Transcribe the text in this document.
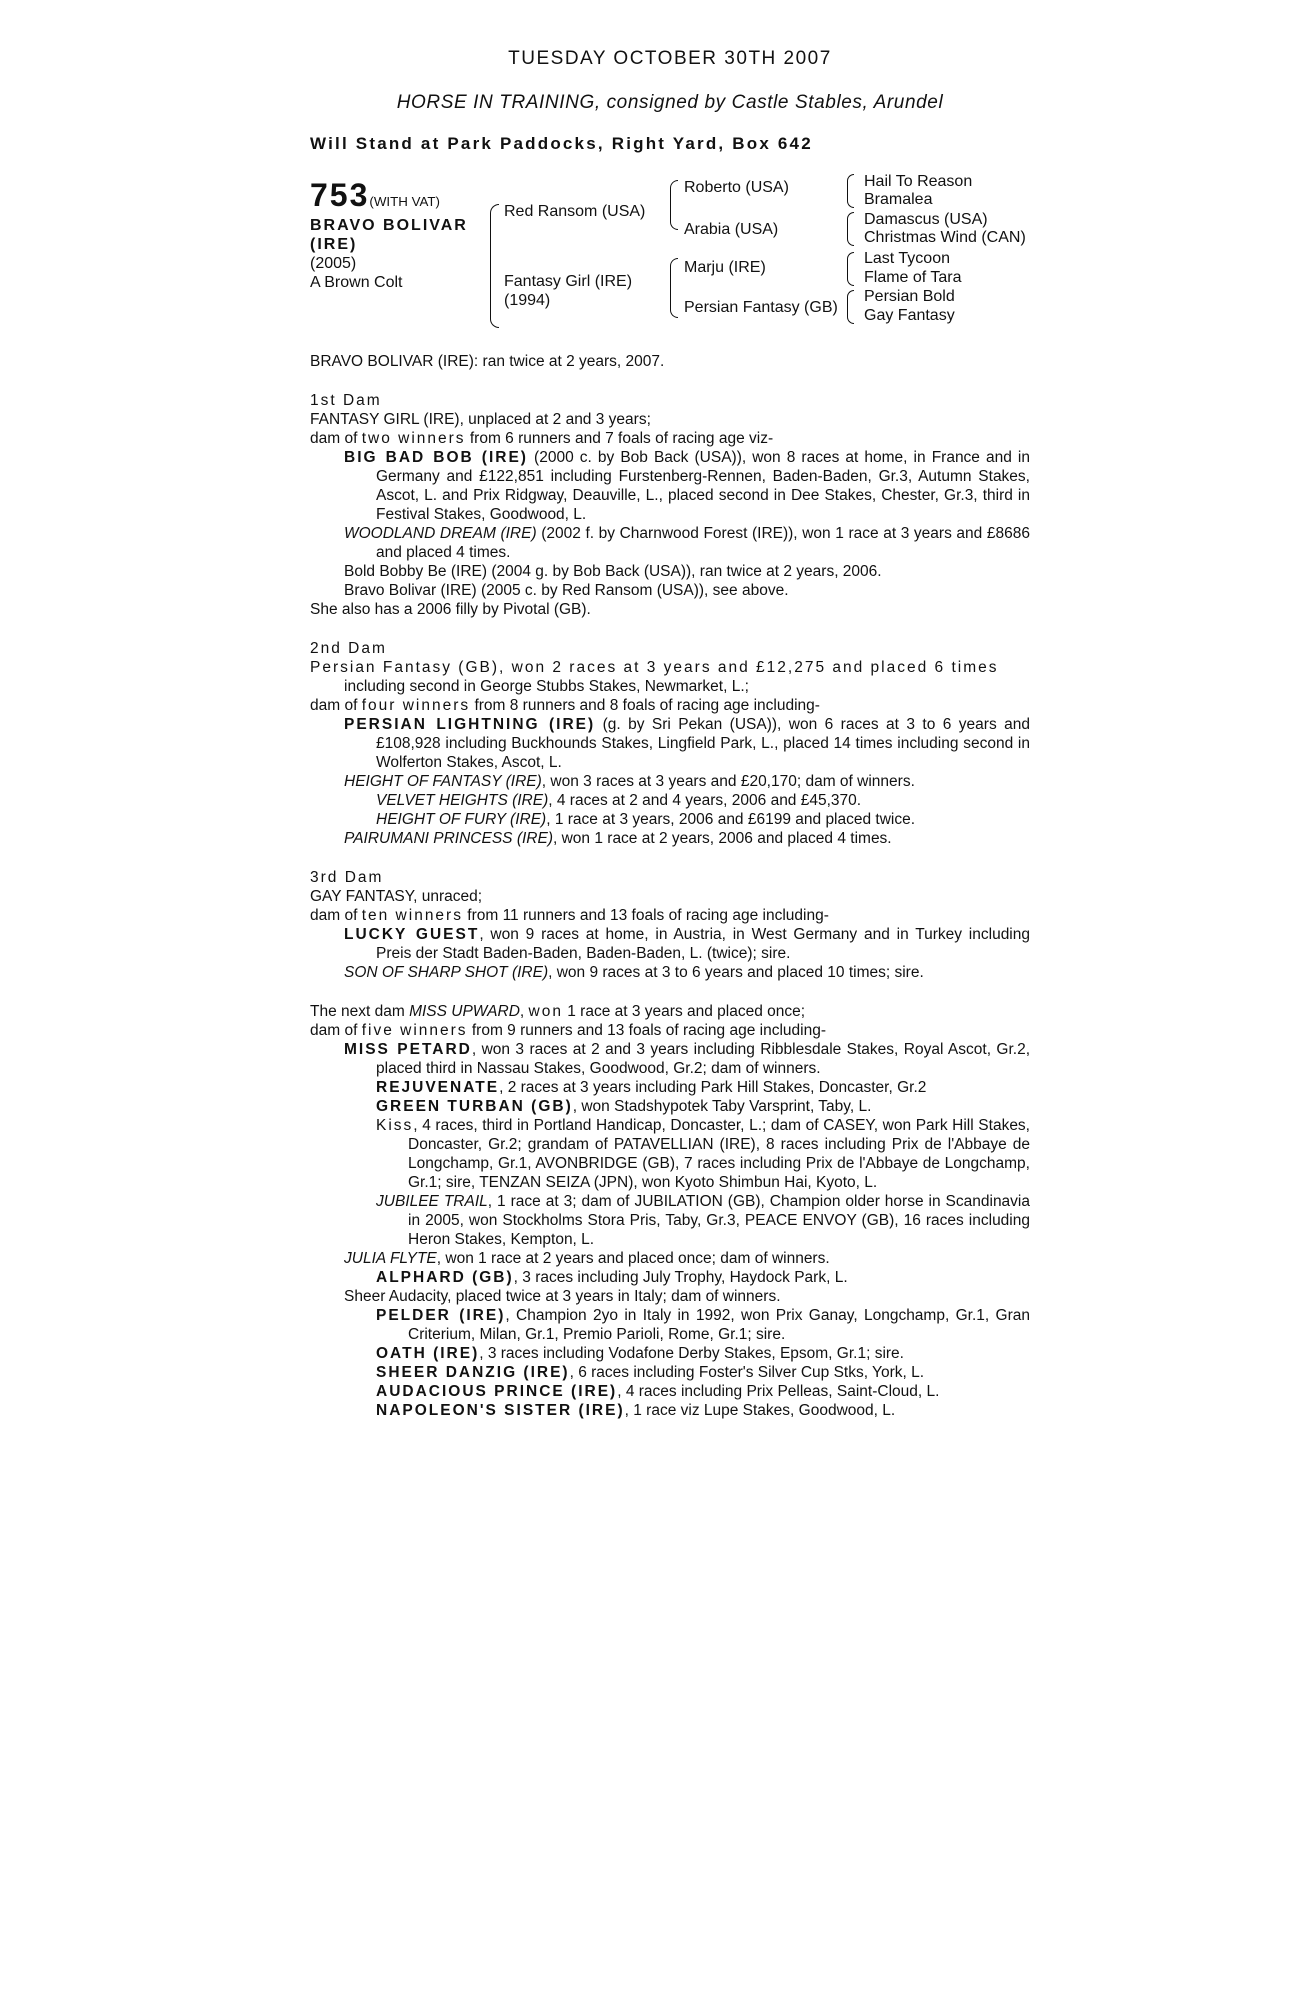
TUESDAY OCTOBER 30TH 2007
HORSE IN TRAINING, consigned by Castle Stables, Arundel
Will Stand at Park Paddocks, Right Yard, Box 642
753(WITH VAT)
BRAVO BOLIVAR
(IRE)
(2005)
A Brown Colt
Red Ransom (USA)
Fantasy Girl (IRE)
(1994)
Roberto (USA)
Arabia (USA)
Marju (IRE)
Persian Fantasy (GB)
Hail To Reason
Bramalea
Damascus (USA)
Christmas Wind (CAN)
Last Tycoon
Flame of Tara
Persian Bold
Gay Fantasy

BRAVO BOLIVAR (IRE): ran twice at 2 years, 2007.

1st Dam

FANTASY GIRL (IRE), unplaced at 2 and 3 years;

dam of two winners from 6 runners and 7 foals of racing age viz-

BIG BAD BOB (IRE) (2000 c. by Bob Back (USA)), won 8 races at home, in France and in Germany and £122,851 including Furstenberg-Rennen, Baden-Baden, Gr.3, Autumn Stakes, Ascot, L. and Prix Ridgway, Deauville, L., placed second in Dee Stakes, Chester, Gr.3, third in Festival Stakes, Goodwood, L.

WOODLAND DREAM (IRE) (2002 f. by Charnwood Forest (IRE)), won 1 race at 3 years and £8686 and placed 4 times.

Bold Bobby Be (IRE) (2004 g. by Bob Back (USA)), ran twice at 2 years, 2006.

Bravo Bolivar (IRE) (2005 c. by Red Ransom (USA)), see above.

She also has a 2006 filly by Pivotal (GB).

2nd Dam

Persian Fantasy (GB), won 2 races at 3 years and £12,275 and placed 6 times

including second in George Stubbs Stakes, Newmarket, L.;

dam of four winners from 8 runners and 8 foals of racing age including-

PERSIAN LIGHTNING (IRE) (g. by Sri Pekan (USA)), won 6 races at 3 to 6 years and £108,928 including Buckhounds Stakes, Lingfield Park, L., placed 14 times including second in Wolferton Stakes, Ascot, L.

HEIGHT OF FANTASY (IRE), won 3 races at 3 years and £20,170; dam of winners.

VELVET HEIGHTS (IRE), 4 races at 2 and 4 years, 2006 and £45,370.

HEIGHT OF FURY (IRE), 1 race at 3 years, 2006 and £6199 and placed twice.

PAIRUMANI PRINCESS (IRE), won 1 race at 2 years, 2006 and placed 4 times.

3rd Dam

GAY FANTASY, unraced;

dam of ten winners from 11 runners and 13 foals of racing age including-

LUCKY GUEST, won 9 races at home, in Austria, in West Germany and in Turkey including Preis der Stadt Baden-Baden, Baden-Baden, L. (twice); sire.

SON OF SHARP SHOT (IRE), won 9 races at 3 to 6 years and placed 10 times; sire.

The next dam MISS UPWARD, won 1 race at 3 years and placed once;

dam of five winners from 9 runners and 13 foals of racing age including-

MISS PETARD, won 3 races at 2 and 3 years including Ribblesdale Stakes, Royal Ascot, Gr.2, placed third in Nassau Stakes, Goodwood, Gr.2; dam of winners.

REJUVENATE, 2 races at 3 years including Park Hill Stakes, Doncaster, Gr.2

GREEN TURBAN (GB), won Stadshypotek Taby Varsprint, Taby, L.

Kiss, 4 races, third in Portland Handicap, Doncaster, L.; dam of CASEY, won Park Hill Stakes, Doncaster, Gr.2; grandam of PATAVELLIAN (IRE), 8 races including Prix de l'Abbaye de Longchamp, Gr.1, AVONBRIDGE (GB), 7 races including Prix de l'Abbaye de Longchamp, Gr.1; sire, TENZAN SEIZA (JPN), won Kyoto Shimbun Hai, Kyoto, L.

JUBILEE TRAIL, 1 race at 3; dam of JUBILATION (GB), Champion older horse in Scandinavia in 2005, won Stockholms Stora Pris, Taby, Gr.3, PEACE ENVOY (GB), 16 races including Heron Stakes, Kempton, L.

JULIA FLYTE, won 1 race at 2 years and placed once; dam of winners.

ALPHARD (GB), 3 races including July Trophy, Haydock Park, L.

Sheer Audacity, placed twice at 3 years in Italy; dam of winners.

PELDER (IRE), Champion 2yo in Italy in 1992, won Prix Ganay, Longchamp, Gr.1, Gran Criterium, Milan, Gr.1, Premio Parioli, Rome, Gr.1; sire.

OATH (IRE), 3 races including Vodafone Derby Stakes, Epsom, Gr.1; sire.

SHEER DANZIG (IRE), 6 races including Foster's Silver Cup Stks, York, L.

AUDACIOUS PRINCE (IRE), 4 races including Prix Pelleas, Saint-Cloud, L.

NAPOLEON'S SISTER (IRE), 1 race viz Lupe Stakes, Goodwood, L.
